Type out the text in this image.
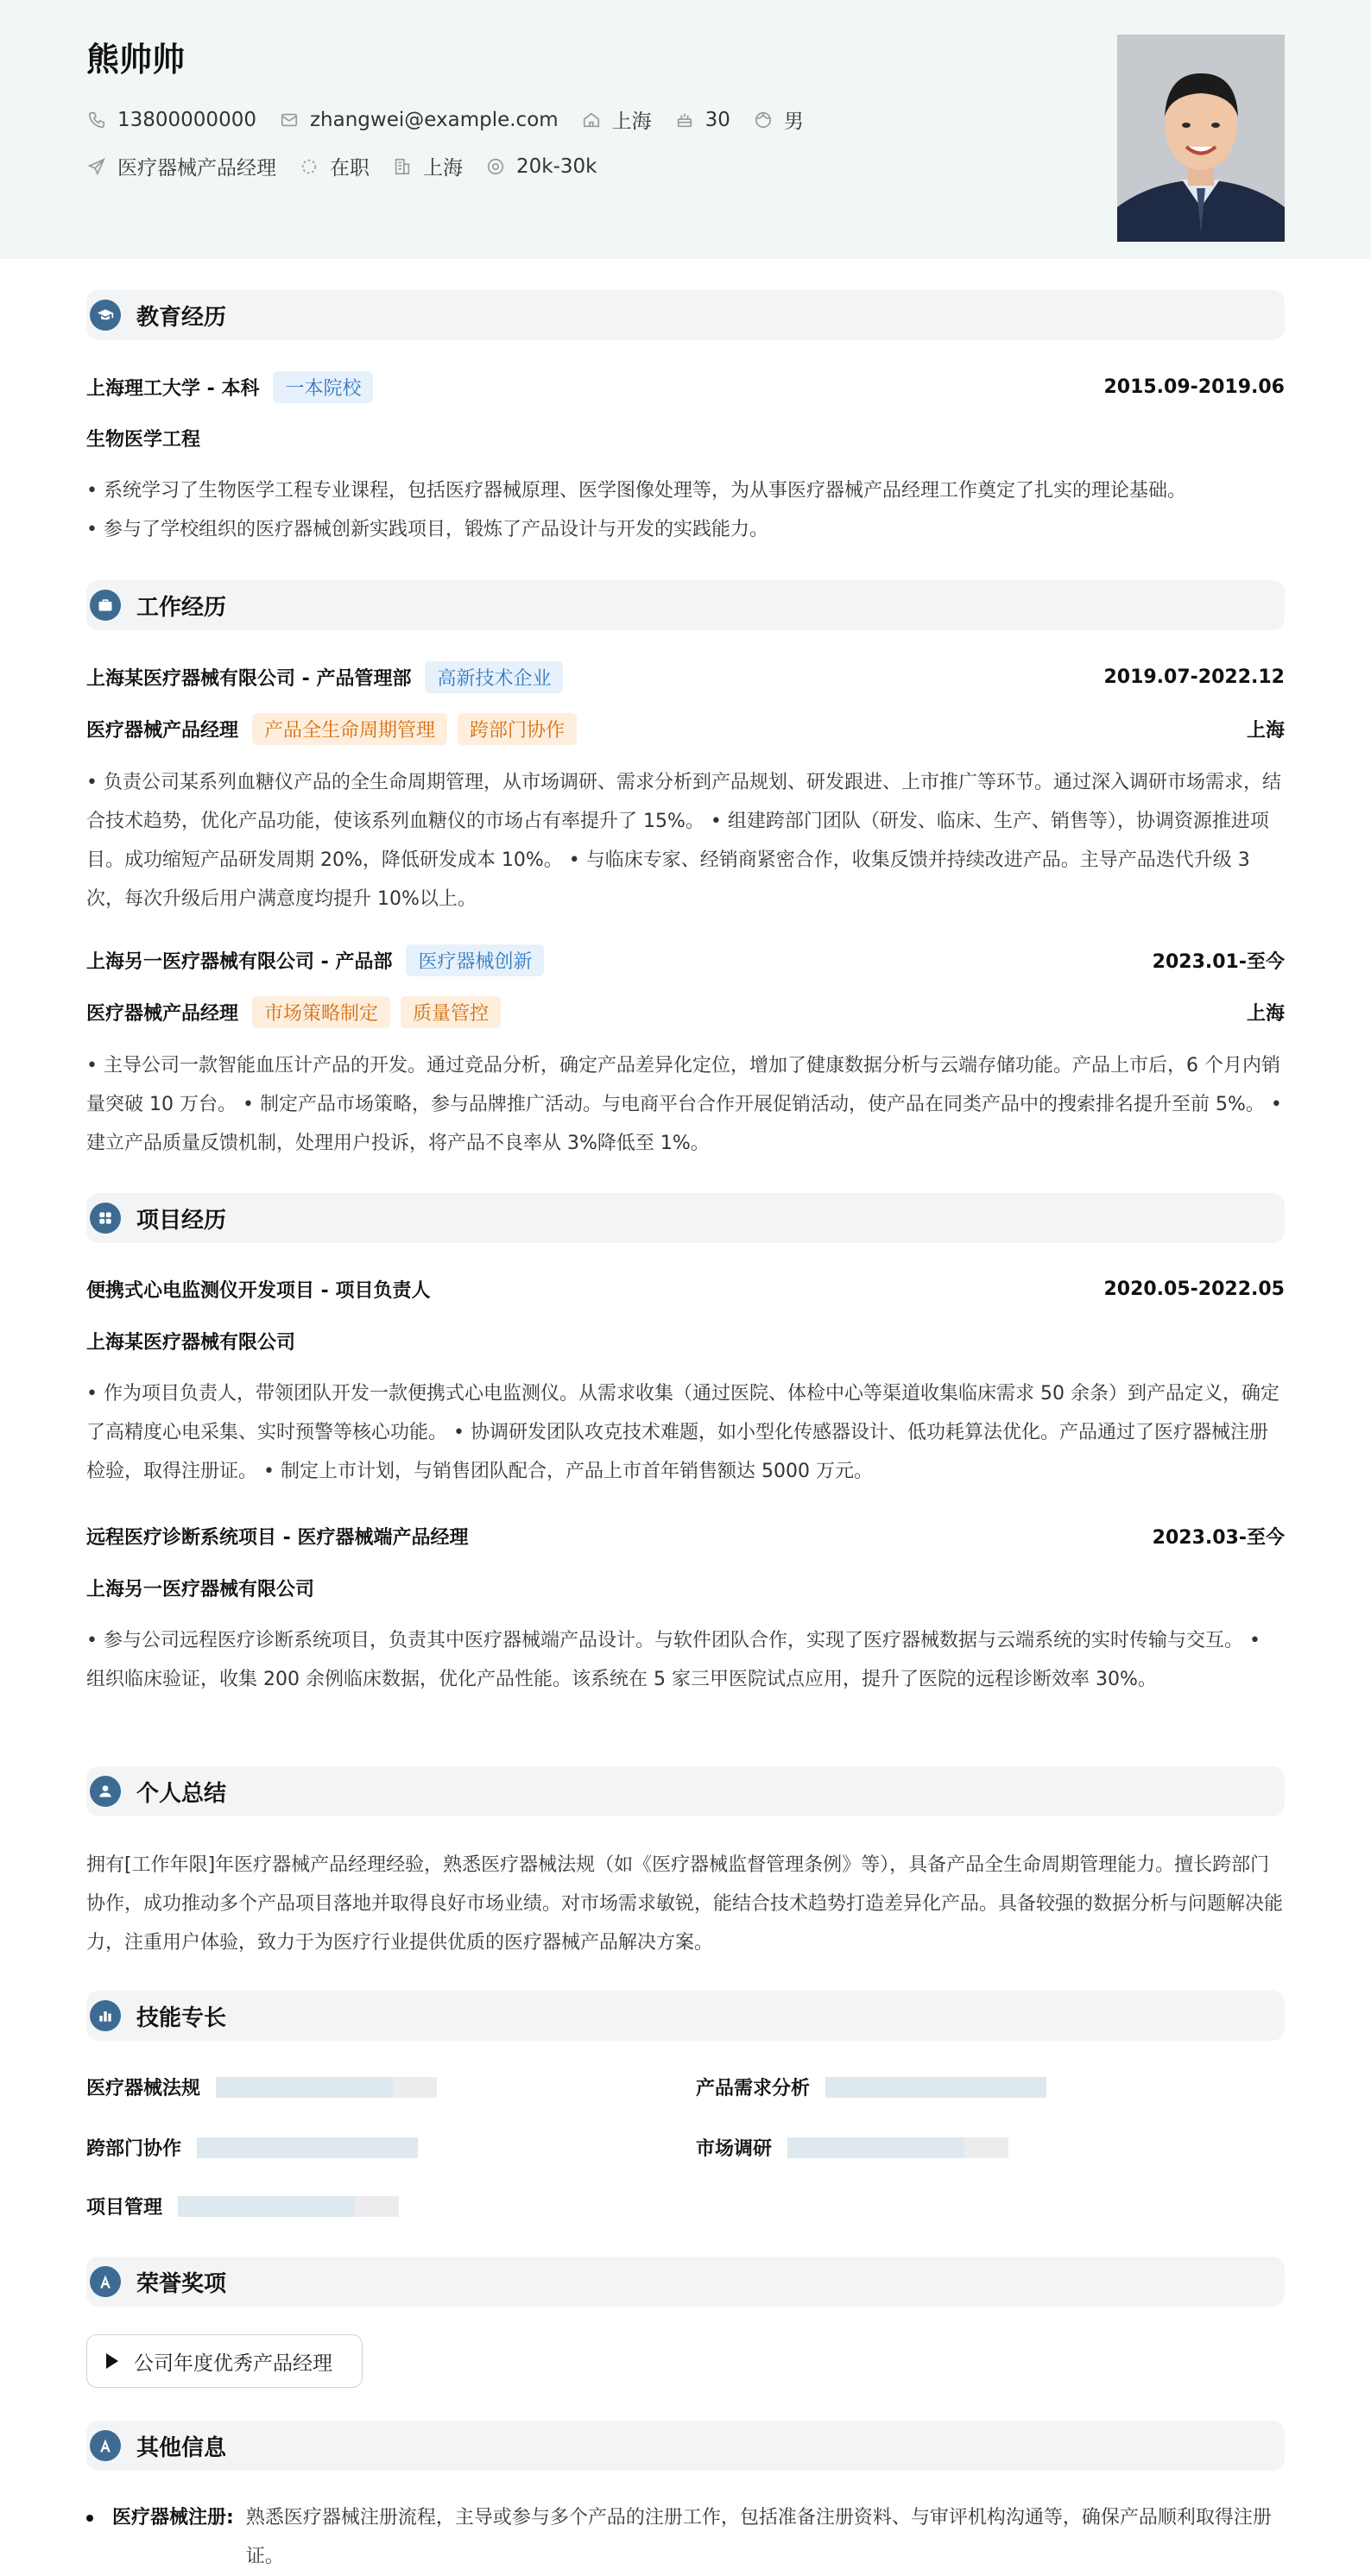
熊帅帅
13800000000	zhangwei@example.com	上海	30	男
医疗器械产品经理	在职	上海	20k-30k
教育经历
上海理工大学 - 本科	一本院校	2015.09-2019.06
生物医学工程
• 系统学习了生物医学工程专业课程，包括医疗器械原理、医学图像处理等，为从事医疗器械产品经理工作奠定了扎实的理论基础。
• 参与了学校组织的医疗器械创新实践项目，锻炼了产品设计与开发的实践能力。
工作经历
上海某医疗器械有限公司 - 产品管理部	高新技术企业	2019.07-2022.12
医疗器械产品经理	产品全生命周期管理	跨部门协作	上海
• 负责公司某系列血糖仪产品的全生命周期管理，从市场调研、需求分析到产品规划、研发跟进、上市推广等环节。通过深入调研市场需求，结合技术趋势，优化产品功能，使该系列血糖仪的市场占有率提升了 15%。 • 组建跨部门团队（研发、临床、生产、销售等），协调资源推进项目。成功缩短产品研发周期 20%，降低研发成本 10%。 • 与临床专家、经销商紧密合作，收集反馈并持续改进产品。主导产品迭代升级 3 次，每次升级后用户满意度均提升 10%以上。
上海另一医疗器械有限公司 - 产品部	医疗器械创新	2023.01-至今
医疗器械产品经理	市场策略制定	质量管控	上海
• 主导公司一款智能血压计产品的开发。通过竞品分析，确定产品差异化定位，增加了健康数据分析与云端存储功能。产品上市后，6 个月内销量突破 10 万台。 • 制定产品市场策略，参与品牌推广活动。与电商平台合作开展促销活动，使产品在同类产品中的搜索排名提升至前 5%。 • 建立产品质量反馈机制，处理用户投诉，将产品不良率从 3%降低至 1%。
项目经历
便携式心电监测仪开发项目 - 项目负责人	2020.05-2022.05
上海某医疗器械有限公司
• 作为项目负责人，带领团队开发一款便携式心电监测仪。从需求收集（通过医院、体检中心等渠道收集临床需求 50 余条）到产品定义，确定了高精度心电采集、实时预警等核心功能。 • 协调研发团队攻克技术难题，如小型化传感器设计、低功耗算法优化。产品通过了医疗器械注册检验，取得注册证。 • 制定上市计划，与销售团队配合，产品上市首年销售额达 5000 万元。
远程医疗诊断系统项目 - 医疗器械端产品经理	2023.03-至今
上海另一医疗器械有限公司
• 参与公司远程医疗诊断系统项目，负责其中医疗器械端产品设计。与软件团队合作，实现了医疗器械数据与云端系统的实时传输与交互。 • 组织临床验证，收集 200 余例临床数据，优化产品性能。该系统在 5 家三甲医院试点应用，提升了医院的远程诊断效率 30%。
个人总结
拥有[工作年限]年医疗器械产品经理经验，熟悉医疗器械法规（如《医疗器械监督管理条例》等），具备产品全生命周期管理能力。擅长跨部门协作，成功推动多个产品项目落地并取得良好市场业绩。对市场需求敏锐，能结合技术趋势打造差异化产品。具备较强的数据分析与问题解决能力，注重用户体验，致力于为医疗行业提供优质的医疗器械产品解决方案。
技能专长
医疗器械法规	产品需求分析
跨部门协作	市场调研
项目管理
荣誉奖项
公司年度优秀产品经理
其他信息
医疗器械注册: 熟悉医疗器械注册流程，主导或参与多个产品的注册工作，包括准备注册资料、与审评机构沟通等，确保产品顺利取得注册证。
